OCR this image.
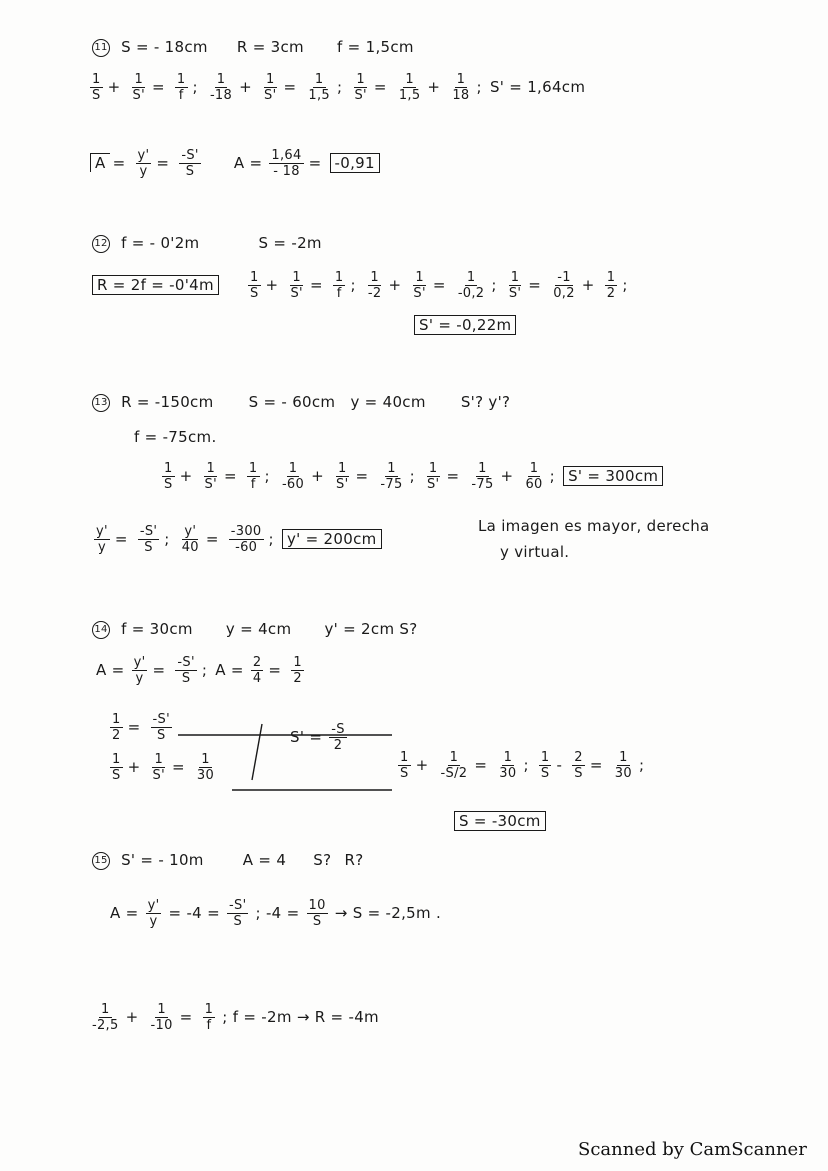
11 S = - 18cm R = 3cm f = 1,5cm
$\frac{1}{S} + \frac{1}{S'} = \frac{1}{f}$ ; $\frac{1}{-18} + \frac{1}{S'} = \frac{1}{1,5}$ ; $\frac{1}{S'} = \frac{1}{1,5} + \frac{1}{18}$ ; S' = 1,64cm
$A = \frac{y'}{y} = \frac{-S'}{S}$ $A = \frac{1,64}{- 18} = -0,91$
12 f = - 0'2m	S = -2m
R = 2f = -0'4m	$\frac{1}{S} + \frac{1}{S'} = \frac{1}{f}$ ; $\frac{1}{-2} + \frac{1}{S'} = \frac{1}{-0,2}$ ; $\frac{1}{S'} = \frac{-1}{0,2} + \frac{1}{2}$ ;
S' = -0,22m
13 R = -150cm S = - 60cm y = 40cm S'? y'?
f = -75cm.
$\frac{1}{S} + \frac{1}{S'} = \frac{1}{f}$ ; $\frac{1}{-60} + \frac{1}{S'} = \frac{1}{-75}$ ; $\frac{1}{S'} = \frac{1}{-75} + \frac{1}{60}$ ; S' = 300cm
$\frac{y'}{y} = \frac{-S'}{S}$ ; $\frac{y'}{40} = \frac{-300}{-60}$ ; y' = 200cm
La imagen es mayor, derecha
y virtual.
14 f = 30cm y = 4cm y' = 2cm S?
$A = \frac{y'}{y} = \frac{-S'}{S}$ ; $A = \frac{2}{4} = \frac{1}{2}$
$\frac{1}{2} = \frac{-S'}{S}$
$\frac{1}{S} + \frac{1}{S'} = \frac{1}{30}$
$S' = \frac{-S}{2}$
$\frac{1}{S} + \frac{1}{-S/2} = \frac{1}{30}$ ; $\frac{1}{S} - \frac{2}{S} = \frac{1}{30}$ ;
S = -30cm
15 S' = - 10m	A = 4 S? R?
$A = \frac{y'}{y} = -4 = \frac{-S'}{S}$ ; $-4 = \frac{10}{S} \to S = -2,5m$ .
$\frac{1}{-2,5} + \frac{1}{-10} = \frac{1}{f}$ ; f = -2m → R = -4m
Scanned by CamScanner
